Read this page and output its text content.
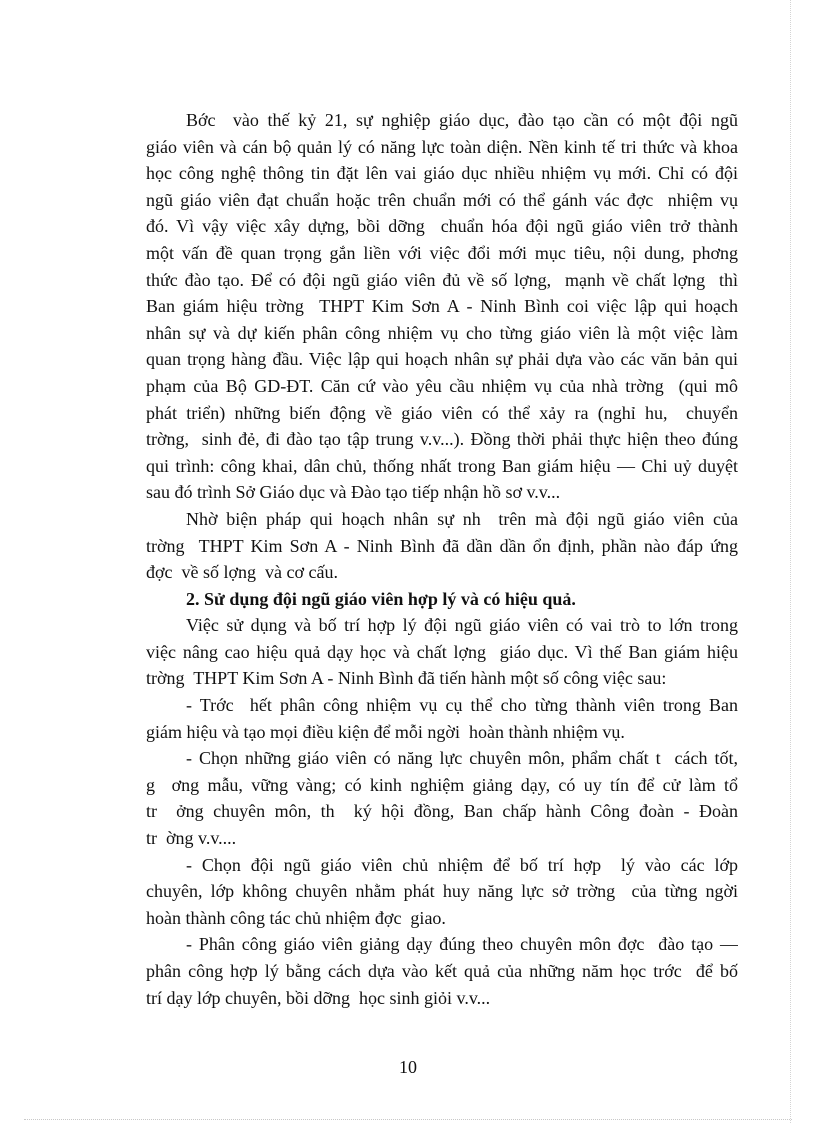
Bớc  vào thế kỷ 21, sự nghiệp giáo dục, đào tạo cần có một đội ngũ
giáo viên và cán bộ quản lý có năng lực toàn diện. Nền kinh tế tri thức và khoa
học công nghệ thông tin đặt lên vai giáo dục nhiều nhiệm vụ mới. Chỉ có đội
ngũ giáo viên đạt chuẩn hoặc trên chuẩn mới có thể gánh vác đợc  nhiệm vụ
đó. Vì vậy việc xây dựng, bồi dỡng  chuẩn hóa đội ngũ giáo viên trở thành
một vấn đề quan trọng gắn liền với việc đổi mới mục tiêu, nội dung, phơng
thức đào tạo. Để có đội ngũ giáo viên đủ về số lợng,  mạnh về chất lợng  thì
Ban giám hiệu trờng  THPT Kim Sơn A - Ninh Bình coi việc lập qui hoạch
nhân sự và dự kiến phân công nhiệm vụ cho từng giáo viên là một việc làm
quan trọng hàng đầu. Việc lập qui hoạch nhân sự phải dựa vào các văn bản qui
phạm của Bộ GD-ĐT. Căn cứ vào yêu cầu nhiệm vụ của nhà trờng  (qui mô
phát triển) những biến động về giáo viên có thể xảy ra (nghỉ hu,  chuyển
trờng,  sinh đẻ, đi đào tạo tập trung v.v...). Đồng thời phải thực hiện theo đúng
qui trình: công khai, dân chủ, thống nhất trong Ban giám hiệu — Chi uỷ duyệt
sau đó trình Sở Giáo dục và Đào tạo tiếp nhận hồ sơ v.v...
Nhờ biện pháp qui hoạch nhân sự nh  trên mà đội ngũ giáo viên của
trờng  THPT Kim Sơn A - Ninh Bình đã dần dần ổn định, phần nào đáp ứng
đợc  về số lợng  và cơ cấu.
2. Sử dụng đội ngũ giáo viên hợp lý và có hiệu quả.
Việc sử dụng và bố trí hợp lý đội ngũ giáo viên có vai trò to lớn trong
việc nâng cao hiệu quả dạy học và chất lợng  giáo dục. Vì thế Ban giám hiệu
trờng  THPT Kim Sơn A - Ninh Bình đã tiến hành một số công việc sau:
- Trớc  hết phân công nhiệm vụ cụ thể cho từng thành viên trong Ban
giám hiệu và tạo mọi điều kiện để mỗi ngời  hoàn thành nhiệm vụ.
- Chọn những giáo viên có năng lực chuyên môn, phẩm chất t  cách tốt,
g  ơng mẫu, vững vàng; có kinh nghiệm giảng dạy, có uy tín để cử làm tổ
tr  ởng chuyên môn, th  ký hội đồng, Ban chấp hành Công đoàn - Đoàn
tr  ờng v.v....
- Chọn đội ngũ giáo viên chủ nhiệm để bố trí hợp  lý vào các lớp
chuyên, lớp không chuyên nhằm phát huy năng lực sở trờng  của từng ngời
hoàn thành công tác chủ nhiệm đợc  giao.
- Phân công giáo viên giảng dạy đúng theo chuyên môn đợc  đào tạo —
phân công hợp lý bằng cách dựa vào kết quả của những năm học trớc  để bố
trí dạy lớp chuyên, bồi dỡng  học sinh giỏi v.v...
10
